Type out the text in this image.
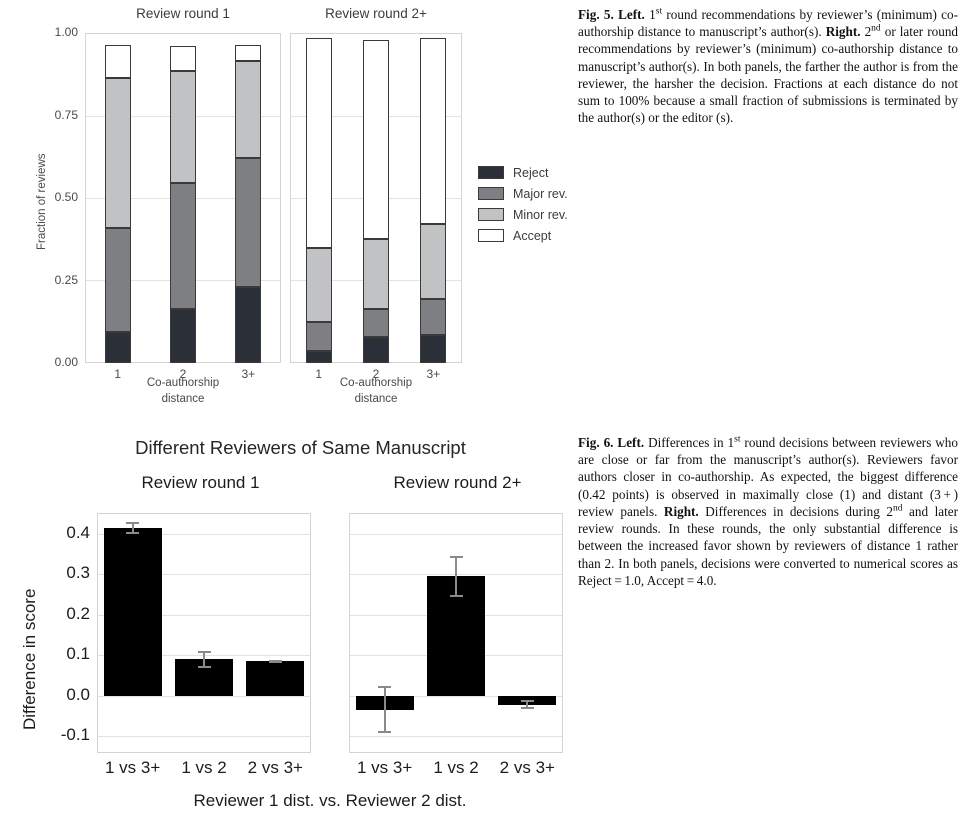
Review round 1	Review round 2+
Fraction of reviews
1.00
0.75
0.50
0.25
0.00
1	2	3+	1	2	3+
Co-authorship
distance
Co-authorship
distance
Reject
Major rev.
Minor rev.
Accept
Fig. 5. Left. 1st round recommendations by reviewer’s (minimum) co-authorship distance to manuscript’s author(s). Right. 2nd or later round recommendations by reviewer’s (minimum) co-authorship distance to manuscript’s author(s). In both panels, the farther the author is from the reviewer, the harsher the decision. Fractions at each distance do not sum to 100% because a small fraction of submissions is terminated by the author(s) or the editor (s).
Different Reviewers of Same Manuscript
Review round 1	Review round 2+
Difference in score
0.4
0.3
0.2
0.1
0.0
-0.1
1 vs 3+	1 vs 2	2 vs 3+	1 vs 3+	1 vs 2	2 vs 3+
Reviewer 1 dist. vs. Reviewer 2 dist.
Fig. 6. Left. Differences in 1st round decisions between reviewers who are close or far from the manuscript’s author(s). Reviewers favor authors closer in co-authorship. As expected, the biggest difference (0.42 points) is observed in maximally close (1) and distant (3 + ) review panels. Right. Differences in decisions during 2nd and later review rounds. In these rounds, the only substantial difference is between the increased favor shown by reviewers of distance 1 rather than 2. In both panels, decisions were converted to numerical scores as Reject = 1.0, Accept = 4.0.
